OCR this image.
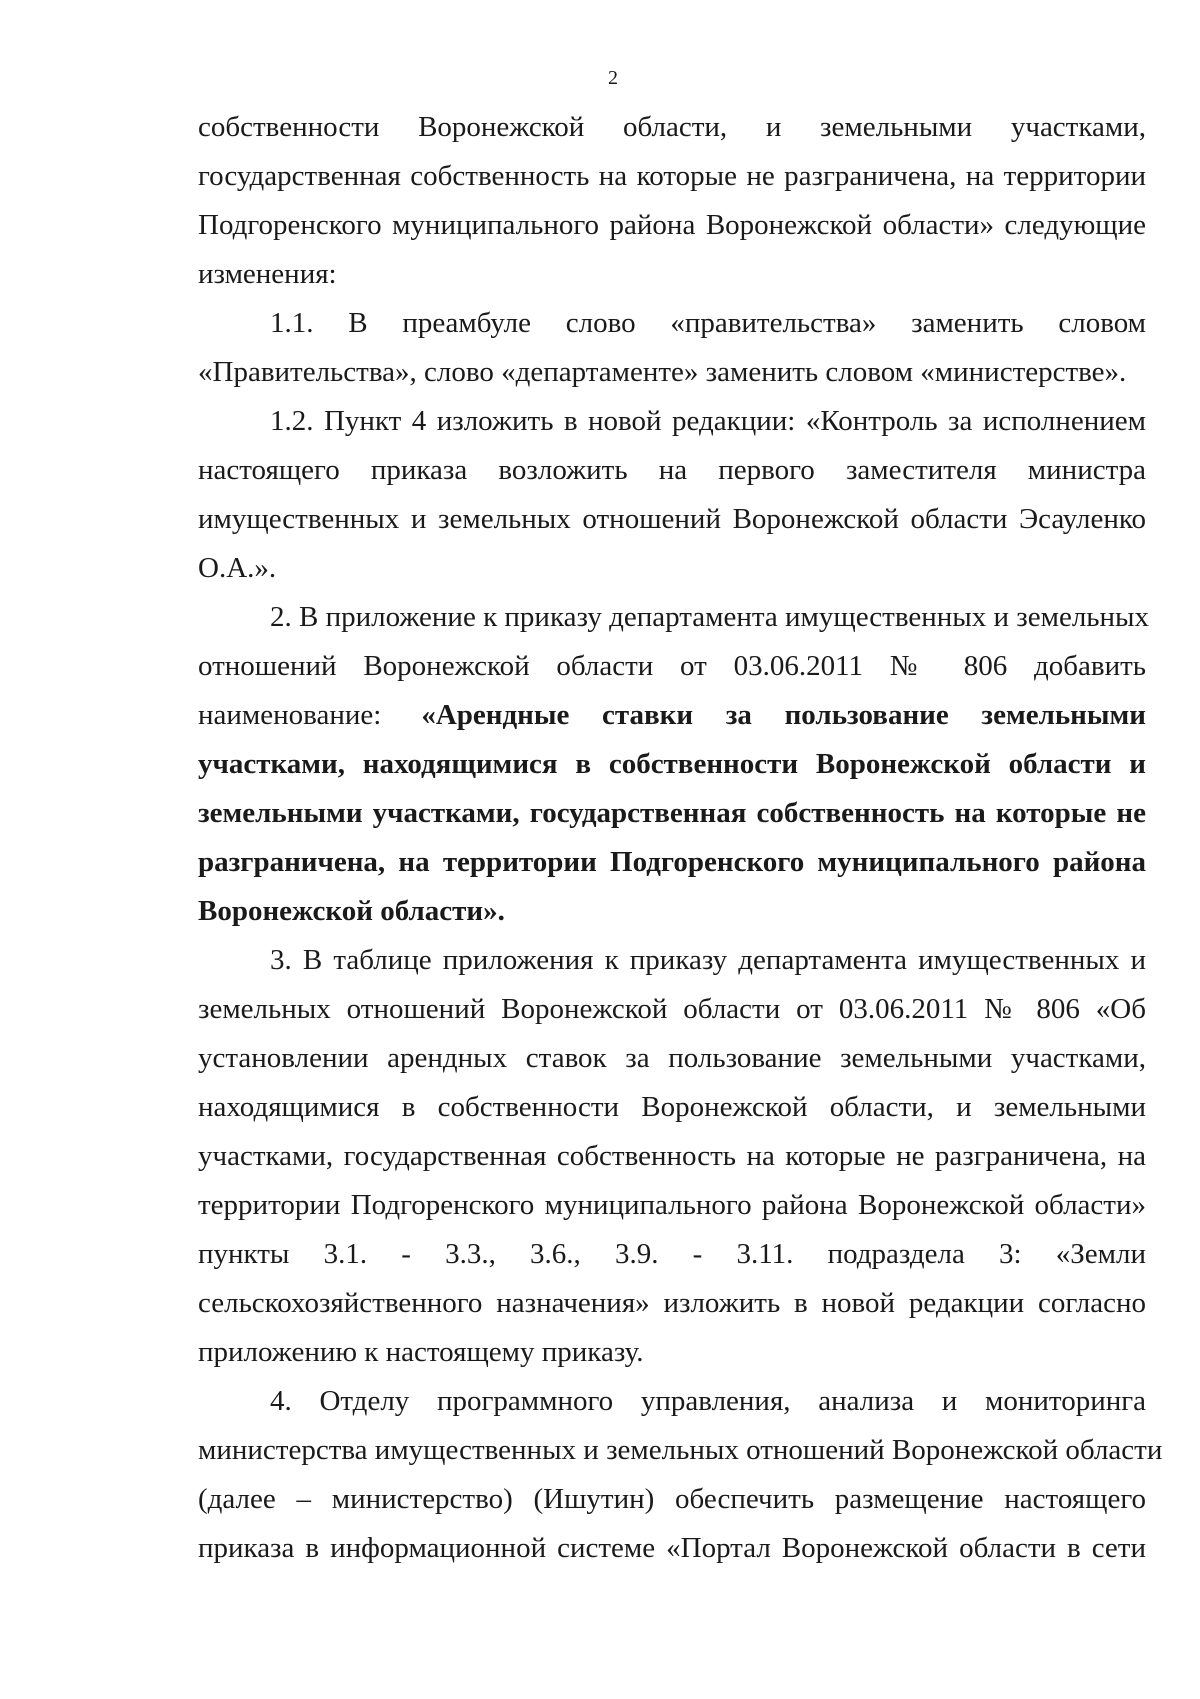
2
собственности Воронежской области, и земельными участками,
государственная собственность на которые не разграничена, на территории
Подгоренского муниципального района Воронежской области» следующие
изменения:
1.1. В преамбуле слово «правительства» заменить словом
«Правительства», слово «департаменте» заменить словом «министерстве».
1.2. Пункт 4 изложить в новой редакции: «Контроль за исполнением
настоящего приказа возложить на первого заместителя министра
имущественных и земельных отношений Воронежской области Эсауленко
О.А.».
2. В приложение к приказу департамента имущественных и земельных
отношений Воронежской области от 03.06.2011 № 806 добавить
наименование: «Арендные ставки за пользование земельными
участками, находящимися в собственности Воронежской области и
земельными участками, государственная собственность на которые не
разграничена, на территории Подгоренского муниципального района
Воронежской области».
3. В таблице приложения к приказу департамента имущественных и
земельных отношений Воронежской области от 03.06.2011 № 806 «Об
установлении арендных ставок за пользование земельными участками,
находящимися в собственности Воронежской области, и земельными
участками, государственная собственность на которые не разграничена, на
территории Подгоренского муниципального района Воронежской области»
пункты 3.1. - 3.3., 3.6., 3.9. - 3.11. подраздела 3: «Земли
сельскохозяйственного назначения» изложить в новой редакции согласно
приложению к настоящему приказу.
4. Отделу программного управления, анализа и мониторинга
министерства имущественных и земельных отношений Воронежской области
(далее – министерство) (Ишутин) обеспечить размещение настоящего
приказа в информационной системе «Портал Воронежской области в сети
